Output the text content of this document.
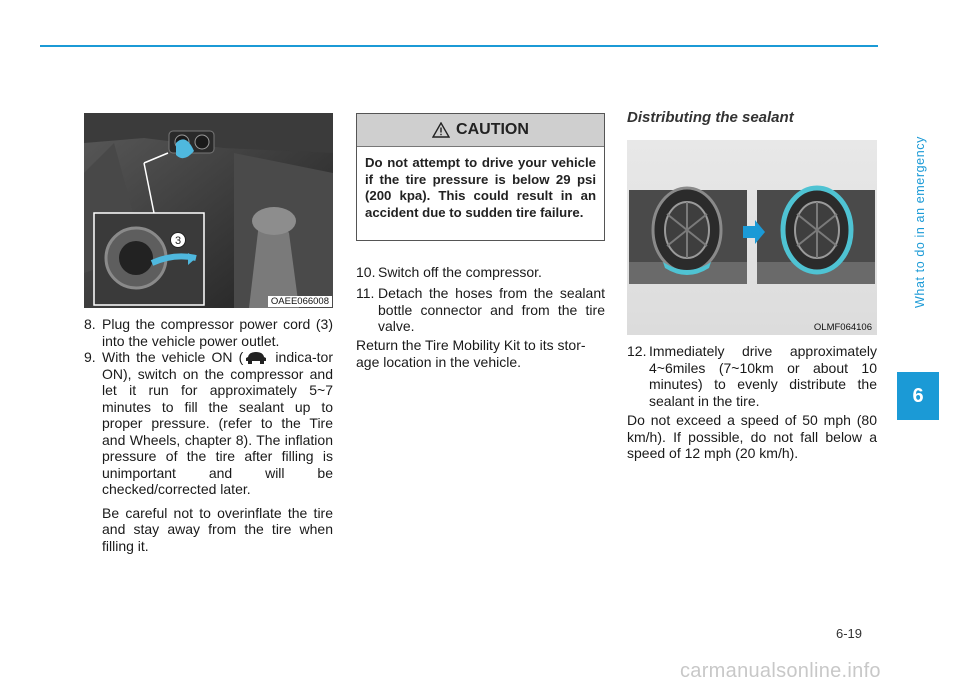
What to do in an emergency
6
3
OAEE066008
8. Plug the compressor power cord (3) into the vehicle power outlet.
9. With the vehicle ON ( indica-tor ON), switch on the compressor and let it run for approximately 5~7 minutes to fill the sealant up to proper pressure. (refer to the Tire and Wheels, chapter 8). The inflation pressure of the tire after filling is unimportant and will be checked/corrected later.
Be careful not to overinflate the tire and stay away from the tire when filling it.
CAUTION
Do not attempt to drive your vehicle if the tire pressure is below 29 psi (200 kpa). This could result in an accident due to sudden tire failure.
10. Switch off the compressor.
11. Detach the hoses from the sealant bottle connector and from the tire valve.
Return the Tire Mobility Kit to its stor-age location in the vehicle.
Distributing the sealant
OLMF064106
12. Immediately drive approximately 4~6miles (7~10km or about 10 minutes) to evenly distribute the sealant in the tire.
Do not exceed a speed of 50 mph (80 km/h). If possible, do not fall below a speed of 12 mph (20 km/h).
6-19
carmanualsonline.info
